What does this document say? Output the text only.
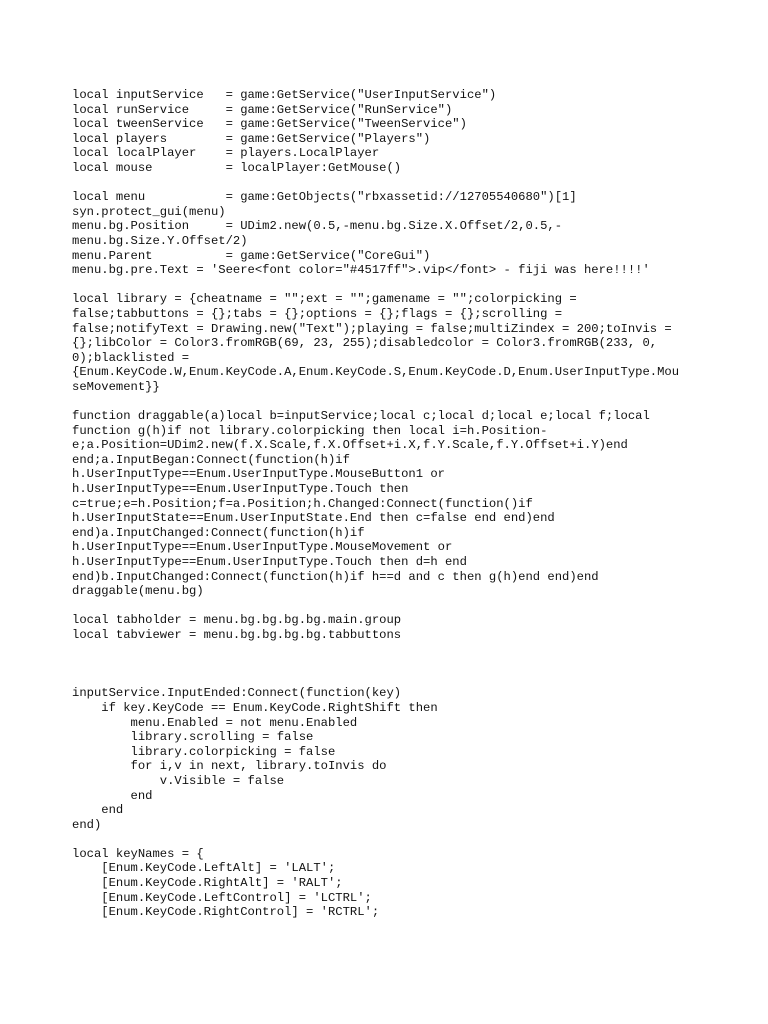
local inputService   = game:GetService("UserInputService")
local runService     = game:GetService("RunService")
local tweenService   = game:GetService("TweenService")
local players        = game:GetService("Players")
local localPlayer    = players.LocalPlayer
local mouse          = localPlayer:GetMouse()
local menu           = game:GetObjects("rbxassetid://12705540680")[1]
syn.protect_gui(menu)
menu.bg.Position     = UDim2.new(0.5,-menu.bg.Size.X.Offset/2,0.5,-
menu.bg.Size.Y.Offset/2)
menu.Parent          = game:GetService("CoreGui")
menu.bg.pre.Text = 'Seere<font color="#4517ff">.vip</font> - fiji was here!!!!'
local library = {cheatname = "";ext = "";gamename = "";colorpicking =
false;tabbuttons = {};tabs = {};options = {};flags = {};scrolling =
false;notifyText = Drawing.new("Text");playing = false;multiZindex = 200;toInvis =
{};libColor = Color3.fromRGB(69, 23, 255);disabledcolor = Color3.fromRGB(233, 0,
0);blacklisted =
{Enum.KeyCode.W,Enum.KeyCode.A,Enum.KeyCode.S,Enum.KeyCode.D,Enum.UserInputType.Mou
seMovement}}
function draggable(a)local b=inputService;local c;local d;local e;local f;local
function g(h)if not library.colorpicking then local i=h.Position-
e;a.Position=UDim2.new(f.X.Scale,f.X.Offset+i.X,f.Y.Scale,f.Y.Offset+i.Y)end
end;a.InputBegan:Connect(function(h)if
h.UserInputType==Enum.UserInputType.MouseButton1 or
h.UserInputType==Enum.UserInputType.Touch then
c=true;e=h.Position;f=a.Position;h.Changed:Connect(function()if
h.UserInputState==Enum.UserInputState.End then c=false end end)end
end)a.InputChanged:Connect(function(h)if
h.UserInputType==Enum.UserInputType.MouseMovement or
h.UserInputType==Enum.UserInputType.Touch then d=h end
end)b.InputChanged:Connect(function(h)if h==d and c then g(h)end end)end
draggable(menu.bg)
local tabholder = menu.bg.bg.bg.bg.main.group
local tabviewer = menu.bg.bg.bg.bg.tabbuttons
inputService.InputEnded:Connect(function(key)
if key.KeyCode == Enum.KeyCode.RightShift then
menu.Enabled = not menu.Enabled
library.scrolling = false
library.colorpicking = false
for i,v in next, library.toInvis do
v.Visible = false
end
end
end)
local keyNames = {
[Enum.KeyCode.LeftAlt] = 'LALT';
[Enum.KeyCode.RightAlt] = 'RALT';
[Enum.KeyCode.LeftControl] = 'LCTRL';
[Enum.KeyCode.RightControl] = 'RCTRL';
